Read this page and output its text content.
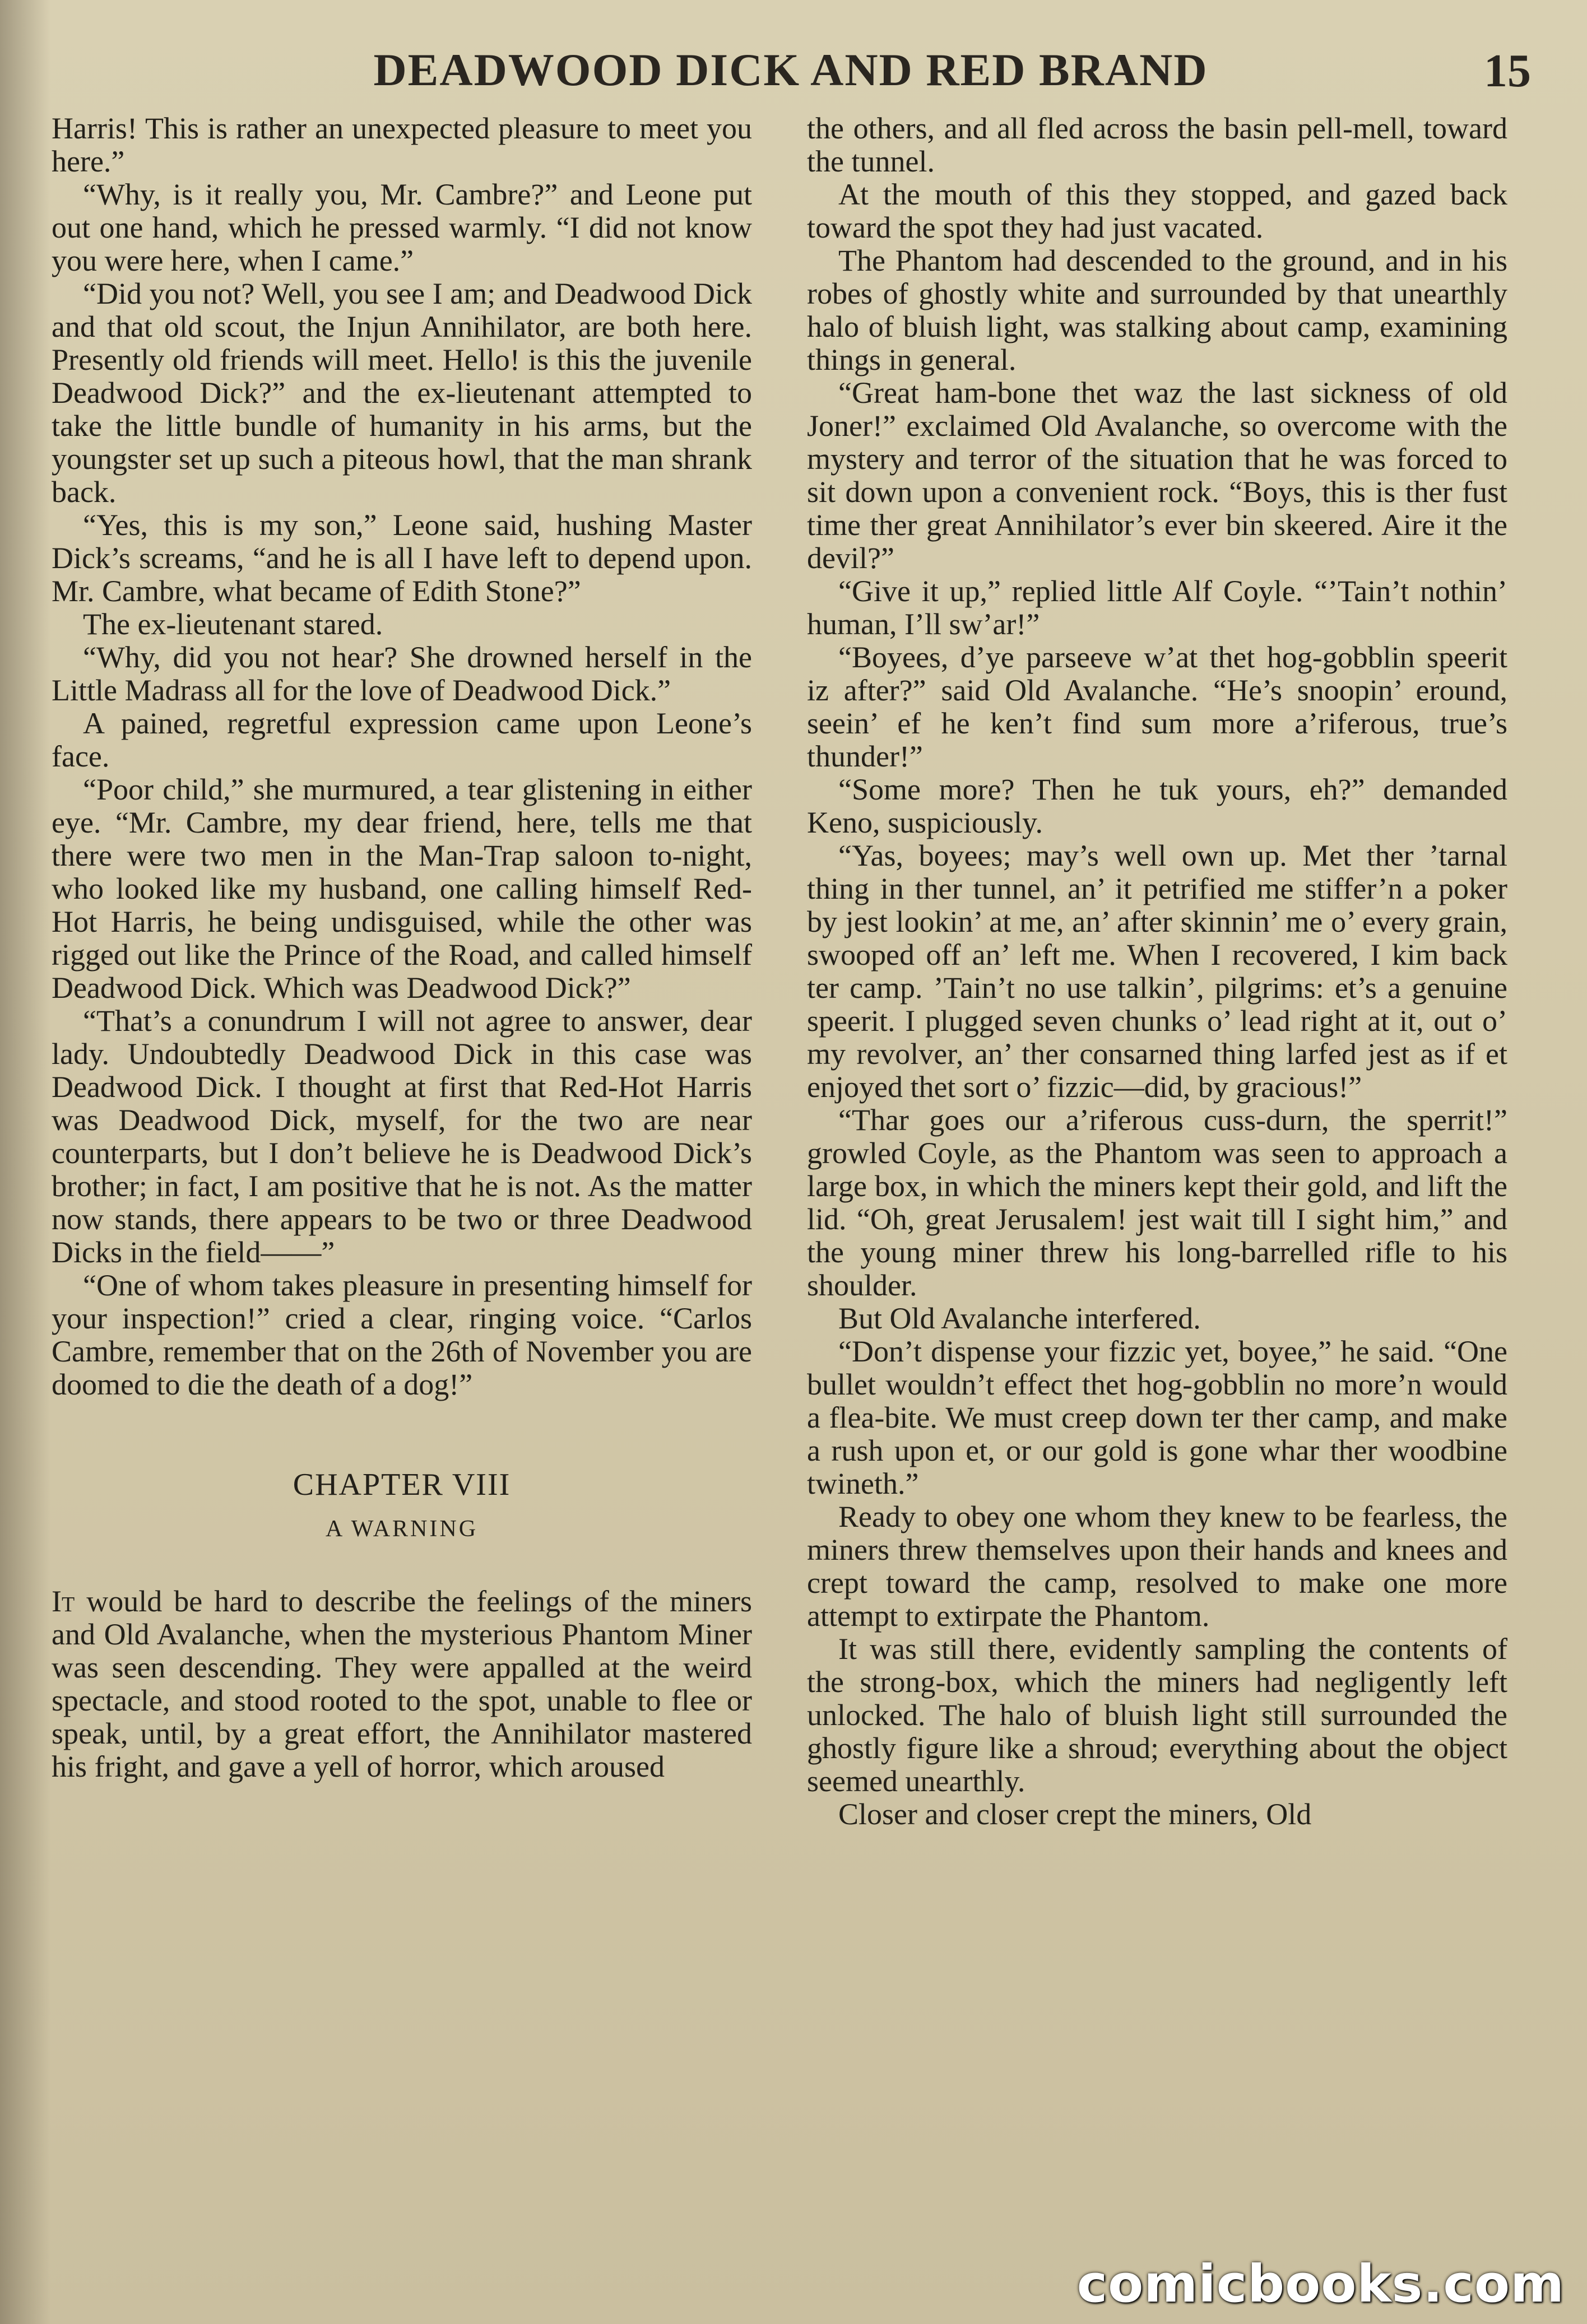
DEADWOOD DICK AND RED BRAND	15

Harris! This is rather an unexpected pleasure to meet you here.”

“Why, is it really you, Mr. Cambre?” and Leone put out one hand, which he pressed warmly. “I did not know you were here, when I came.”

“Did you not? Well, you see I am; and Deadwood Dick and that old scout, the Injun Annihilator, are both here. Presently old friends will meet. Hello! is this the juvenile Deadwood Dick?” and the ex-lieutenant attempted to take the little bundle of humanity in his arms, but the youngster set up such a piteous howl, that the man shrank back.

“Yes, this is my son,” Leone said, hushing Master Dick’s screams, “and he is all I have left to depend upon. Mr. Cambre, what became of Edith Stone?”

The ex-lieutenant stared.

“Why, did you not hear? She drowned herself in the Little Madrass all for the love of Deadwood Dick.”

A pained, regretful expression came upon Leone’s face.

“Poor child,” she murmured, a tear glistening in either eye. “Mr. Cambre, my dear friend, here, tells me that there were two men in the Man-Trap saloon to-night, who looked like my husband, one calling himself Red-Hot Harris, he being undisguised, while the other was rigged out like the Prince of the Road, and called himself Deadwood Dick. Which was Deadwood Dick?”

“That’s a conundrum I will not agree to answer, dear lady. Undoubtedly Deadwood Dick in this case was Deadwood Dick. I thought at first that Red-Hot Harris was Deadwood Dick, myself, for the two are near counterparts, but I don’t believe he is Deadwood Dick’s brother; in fact, I am positive that he is not. As the matter now stands, there appears to be two or three Deadwood Dicks in the field——”

“One of whom takes pleasure in presenting himself for your inspection!” cried a clear, ringing voice. “Carlos Cambre, remember that on the 26th of November you are doomed to die the death of a dog!”

CHAPTER VIII
A WARNING

It would be hard to describe the feelings of the miners and Old Avalanche, when the mysterious Phantom Miner was seen descending. They were appalled at the weird spectacle, and stood rooted to the spot, unable to flee or speak, until, by a great effort, the Annihilator mastered his fright, and gave a yell of horror, which aroused

the others, and all fled across the basin pell-mell, toward the tunnel.

At the mouth of this they stopped, and gazed back toward the spot they had just vacated.

The Phantom had descended to the ground, and in his robes of ghostly white and surrounded by that unearthly halo of bluish light, was stalking about camp, examining things in general.

“Great ham-bone thet waz the last sickness of old Joner!” exclaimed Old Avalanche, so overcome with the mystery and terror of the situation that he was forced to sit down upon a convenient rock. “Boys, this is ther fust time ther great Annihilator’s ever bin skeered. Aire it the devil?”

“Give it up,” replied little Alf Coyle. “’Tain’t nothin’ human, I’ll sw’ar!”

“Boyees, d’ye parseeve w’at thet hog-gobblin speerit iz after?” said Old Avalanche. “He’s snoopin’ eround, seein’ ef he ken’t find sum more a’riferous, true’s thunder!”

“Some more? Then he tuk yours, eh?” demanded Keno, suspiciously.

“Yas, boyees; may’s well own up. Met ther ’tarnal thing in ther tunnel, an’ it petrified me stiffer’n a poker by jest lookin’ at me, an’ after skinnin’ me o’ every grain, swooped off an’ left me. When I recovered, I kim back ter camp. ’Tain’t no use talkin’, pilgrims: et’s a genuine speerit. I plugged seven chunks o’ lead right at it, out o’ my revolver, an’ ther consarned thing larfed jest as if et enjoyed thet sort o’ fizzic—did, by gracious!”

“Thar goes our a’riferous cuss-durn, the sperrit!” growled Coyle, as the Phantom was seen to approach a large box, in which the miners kept their gold, and lift the lid. “Oh, great Jerusalem! jest wait till I sight him,” and the young miner threw his long-barrelled rifle to his shoulder.

But Old Avalanche interfered.

“Don’t dispense your fizzic yet, boyee,” he said. “One bullet wouldn’t effect thet hog-gobblin no more’n would a flea-bite. We must creep down ter ther camp, and make a rush upon et, or our gold is gone whar ther woodbine twineth.”

Ready to obey one whom they knew to be fearless, the miners threw themselves upon their hands and knees and crept toward the camp, resolved to make one more attempt to extirpate the Phantom.

It was still there, evidently sampling the contents of the strong-box, which the miners had negligently left unlocked. The halo of bluish light still surrounded the ghostly figure like a shroud; everything about the object seemed unearthly.

Closer and closer crept the miners, Old

comicbooks.com
